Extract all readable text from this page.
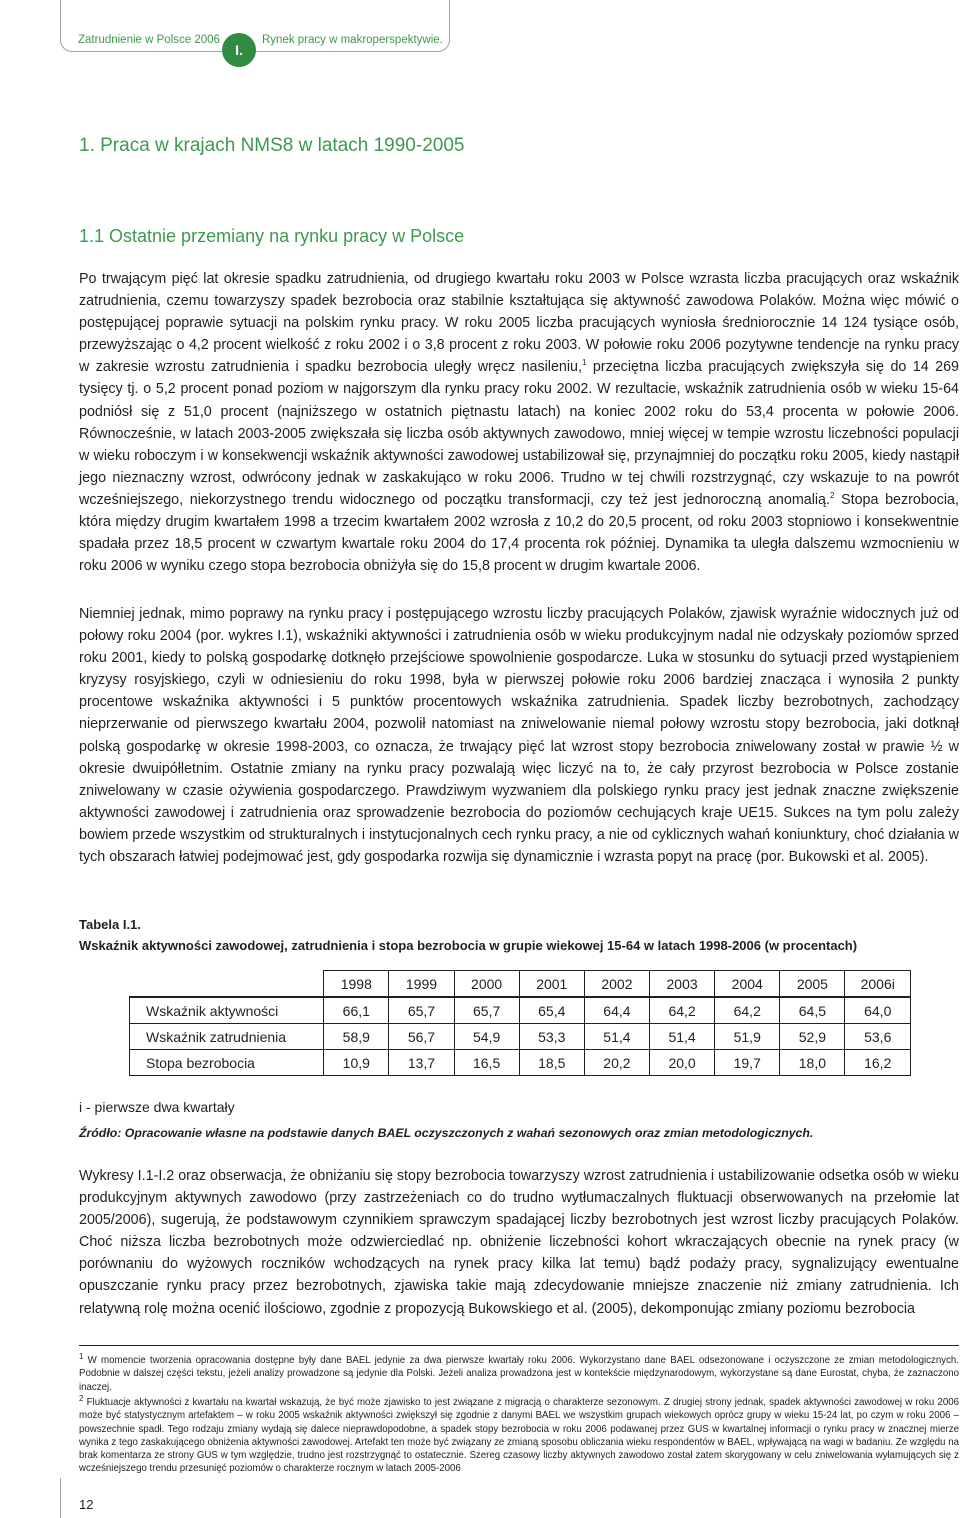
Zatrudnienie w Polsce 2006
I.
Rynek pracy w makroperspektywie.
1. Praca w krajach NMS8 w latach 1990-2005
1.1 Ostatnie przemiany na rynku pracy w Polsce

Po trwającym pięć lat okresie spadku zatrudnienia, od drugiego kwartału roku 2003 w Polsce wzrasta liczba pracujących oraz wskaźnik zatrudnienia, czemu towarzyszy spadek bezrobocia oraz stabilnie kształtująca się aktywność zawodowa Polaków. Można więc mówić o postępującej poprawie sytuacji na polskim rynku pracy. W roku 2005 liczba pracujących wyniosła średniorocznie 14 124 tysiące osób, przewyższając o 4,2 procent wielkość z roku 2002 i o 3,8 procent z roku 2003. W połowie roku 2006 pozytywne tendencje na rynku pracy w zakresie wzrostu zatrudnienia i spadku bezrobocia uległy wręcz nasileniu,$^1$ przeciętna liczba pracujących zwiększyła się do 14 269 tysięcy tj. o 5,2 procent ponad poziom w najgorszym dla rynku pracy roku 2002. W rezultacie, wskaźnik zatrudnienia osób w wieku 15-64 podniósł się z 51,0 procent (najniższego w ostatnich piętnastu latach) na koniec 2002 roku do 53,4 procenta w połowie 2006. Równocześnie, w latach 2003-2005 zwiększała się liczba osób aktywnych zawodowo, mniej więcej w tempie wzrostu liczebności populacji w wieku roboczym i w konsekwencji wskaźnik aktywności zawodowej ustabilizował się, przynajmniej do początku roku 2005, kiedy nastąpił jego nieznaczny wzrost, odwrócony jednak w zaskakująco w roku 2006. Trudno w tej chwili rozstrzygnąć, czy wskazuje to na powrót wcześniejszego, niekorzystnego trendu widocznego od początku transformacji, czy też jest jednoroczną anomalią.$^2$ Stopa bezrobocia, która między drugim kwartałem 1998 a trzecim kwartałem 2002 wzrosła z 10,2 do 20,5 procent, od roku 2003 stopniowo i konsekwentnie spadała przez 18,5 procent w czwartym kwartale roku 2004 do 17,4 procenta rok później. Dynamika ta uległa dalszemu wzmocnieniu w roku 2006 w wyniku czego stopa bezrobocia obniżyła się do 15,8 procent w drugim kwartale 2006.

Niemniej jednak, mimo poprawy na rynku pracy i postępującego wzrostu liczby pracujących Polaków, zjawisk wyraźnie widocznych już od połowy roku 2004 (por. wykres I.1), wskaźniki aktywności i zatrudnienia osób w wieku produkcyjnym nadal nie odzyskały poziomów sprzed roku 2001, kiedy to polską gospodarkę dotknęło przejściowe spowolnienie gospodarcze. Luka w stosunku do sytuacji przed wystąpieniem kryzysy rosyjskiego, czyli w odniesieniu do roku 1998, była w pierwszej połowie roku 2006 bardziej znacząca i wynosiła 2 punkty procentowe wskaźnika aktywności i 5 punktów procentowych wskaźnika zatrudnienia. Spadek liczby bezrobotnych, zachodzący nieprzerwanie od pierwszego kwartału 2004, pozwolił natomiast na zniwelowanie niemal połowy wzrostu stopy bezrobocia, jaki dotknął polską gospodarkę w okresie 1998-2003, co oznacza, że trwający pięć lat wzrost stopy bezrobocia zniwelowany został w prawie ½ w okresie dwuipółletnim. Ostatnie zmiany na rynku pracy pozwalają więc liczyć na to, że cały przyrost bezrobocia w Polsce zostanie zniwelowany w czasie ożywienia gospodarczego. Prawdziwym wyzwaniem dla polskiego rynku pracy jest jednak znaczne zwiększenie aktywności zawodowej i zatrudnienia oraz sprowadzenie bezrobocia do poziomów cechujących kraje UE15. Sukces na tym polu zależy bowiem przede wszystkim od strukturalnych i instytucjonalnych cech rynku pracy, a nie od cyklicznych wahań koniunktury, choć działania w tych obszarach łatwiej podejmować jest, gdy gospodarka rozwija się dynamicznie i wzrasta popyt na pracę (por. Bukowski et al. 2005).

Tabela I.1.
Wskaźnik aktywności zawodowej, zatrudnienia i stopa bezrobocia w grupie wiekowej 15-64 w latach 1998-2006 (w procentach)
	1998	1999	2000	2001	2002	2003	2004	2005	2006i
Wskaźnik aktywności	66,1	65,7	65,7	65,4	64,4	64,2	64,2	64,5	64,0
Wskaźnik zatrudnienia	58,9	56,7	54,9	53,3	51,4	51,4	51,9	52,9	53,6
Stopa bezrobocia	10,9	13,7	16,5	18,5	20,2	20,0	19,7	18,0	16,2
i - pierwsze dwa kwartały
Źródło: Opracowanie własne na podstawie danych BAEL oczyszczonych z wahań sezonowych oraz zmian metodologicznych.

Wykresy I.1-I.2 oraz obserwacja, że obniżaniu się stopy bezrobocia towarzyszy wzrost zatrudnienia i ustabilizowanie odsetka osób w wieku produkcyjnym aktywnych zawodowo (przy zastrzeżeniach co do trudno wytłumaczalnych fluktuacji obserwowanych na przełomie lat 2005/2006), sugerują, że podstawowym czynnikiem sprawczym spadającej liczby bezrobotnych jest wzrost liczby pracujących Polaków. Choć niższa liczba bezrobotnych może odzwierciedlać np. obniżenie liczebności kohort wkraczających obecnie na rynek pracy (w porównaniu do wyżowych roczników wchodzących na rynek pracy kilka lat temu) bądź podaży pracy, sygnalizujący ewentualne opuszczanie rynku pracy przez bezrobotnych, zjawiska takie mają zdecydowanie mniejsze znaczenie niż zmiany zatrudnienia. Ich relatywną rolę można ocenić ilościowo, zgodnie z propozycją Bukowskiego et al. (2005), dekomponując zmiany poziomu bezrobocia

$^1$ W momencie tworzenia opracowania dostępne były dane BAEL jedynie za dwa pierwsze kwartały roku 2006. Wykorzystano dane BAEL odsezonowane i oczyszczone ze zmian metodologicznych. Podobnie w dalszej części tekstu, jeżeli analizy prowadzone są jedynie dla Polski. Jeżeli analiza prowadzona jest w kontekście międzynarodowym, wykorzystane są dane Eurostat, chyba, że zaznaczono inaczej.

$^2$ Fluktuacje aktywności z kwartału na kwartał wskazują, że być może zjawisko to jest związane z migracją o charakterze sezonowym. Z drugiej strony jednak, spadek aktywności zawodowej w roku 2006 może być statystycznym artefaktem – w roku 2005 wskaźnik aktywności zwiększył się zgodnie z danymi BAEL we wszystkim grupach wiekowych oprócz grupy w wieku 15-24 lat, po czym w roku 2006 – powszechnie spadł. Tego rodzaju zmiany wydają się dalece nieprawdopodobne, a spadek stopy bezrobocia w roku 2006 podawanej przez GUS w kwartalnej informacji o rynku pracy w znacznej mierze wynika z tego zaskakującego obniżenia aktywności zawodowej. Artefakt ten może być związany ze zmianą sposobu obliczania wieku respondentów w BAEL, wpływającą na wagi w badaniu. Ze względu na brak komentarza ze strony GUS w tym względzie, trudno jest rozstrzygnąć to ostatecznie. Szereg czasowy liczby aktywnych zawodowo został zatem skorygowany w celu zniwelowania wyłamujących się z wcześniejszego trendu przesunięć poziomów o charakterze rocznym w latach 2005-2006

12
